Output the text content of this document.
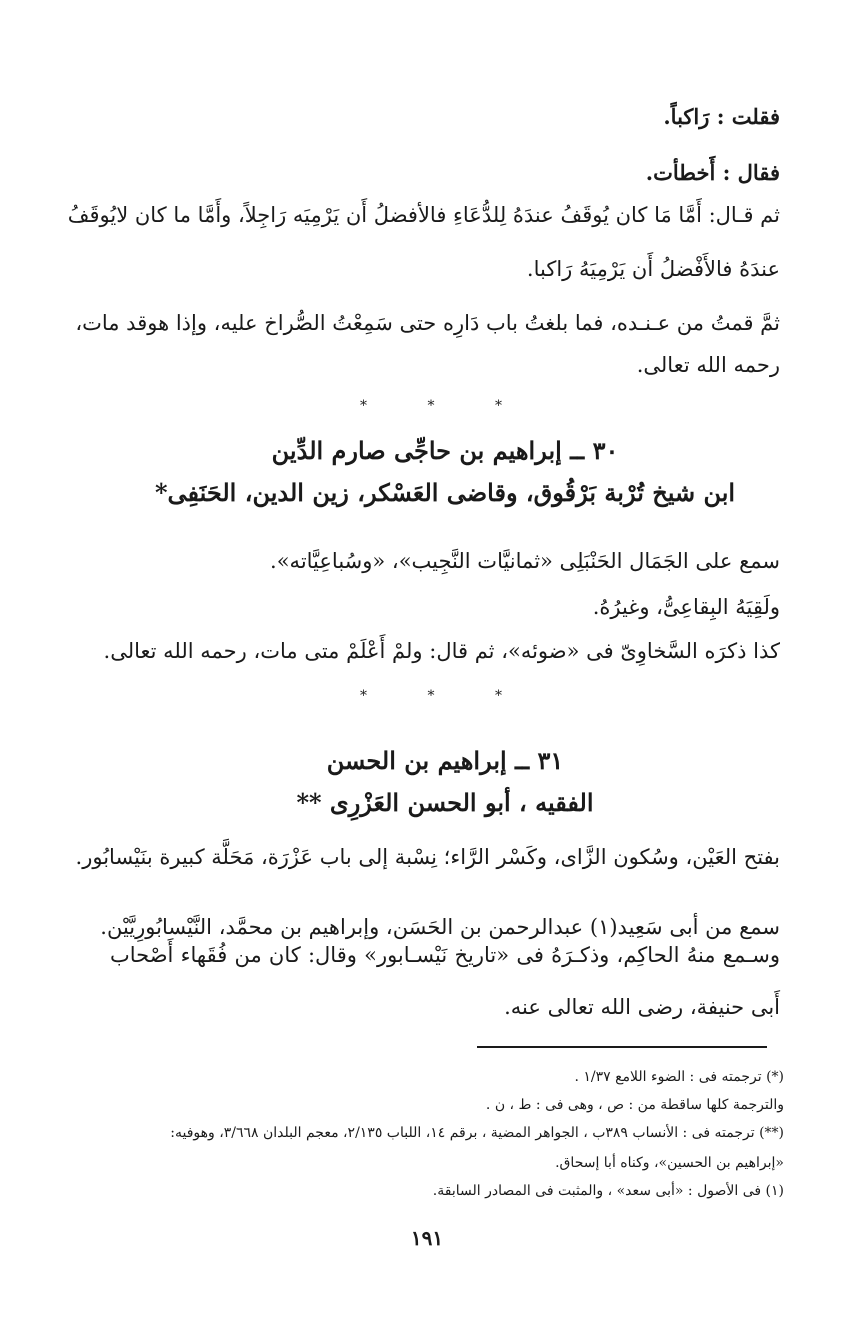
فقلت : رَاكباً.
فقال : أَخطأت.
ثم قـال: أَمَّا مَا كان يُوقَفُ عندَهُ لِلدُّعَاءِ فالأفضلُ أَن يَرْمِيَه رَاجِلاً، وأَمَّا ما كان لايُوقَفُ
عندَهُ فالأَفْضلُ أَن يَرْمِيَهُ رَاكبا.
ثمَّ قمتُ من عـنـده، فما بلغتُ باب دَارِه حتى سَمِعْتُ الصُّراخ عليه، وإذا هوقد مات،
رحمه الله تعالى.
* * *
٣٠ ــ إبراهيم بن حاجِّى صارم الدِّين
ابن شيخ تُرْبة بَرْقُوق، وقاضى العَسْكر، زين الدين، الحَنَفِى*
سمع على الجَمَال الحَنْبَلِى «ثمانيَّات النَّجِيب»، «وسُباعِيَّاته».
ولَقِيَهُ البِقاعِىُّ، وغيرُهُ.
كذا ذكرَه السَّخاوِىّ فى «ضوئه»، ثم قال: ولمْ أَعْلَمْ متى مات، رحمه الله تعالى.
* * *
٣١ ــ إبراهيم بن الحسن
الفقيه ، أبو الحسن العَزْرِى **
بفتح العَيْن، وسُكون الزَّاى، وكَسْر الرَّاء؛ نِسْبة إلى باب عَزْرَة، مَحَلَّة كبيرة بنَيْسابُور.
سمع من أبى سَعِيد(١) عبدالرحمن بن الحَسَن، وإبراهيم بن محمَّد، النَّيْسابُورِيَّيْن.
وسـمع منهُ الحاكِم، وذكـرَهُ فى «تاريخ نَيْسـابور» وقال: كان من فُقَهاء أَصْحاب
أَبى حنيفة، رضى الله تعالى عنه.
(*) ترجمته فى : الضوء اللامع ١/٣٧ .
والترجمة كلها ساقطة من : ص ، وهى فى : ط ، ن .
(**) ترجمته فى : الأنساب ٣٨٩ب ، الجواهر المضية ، برقم ١٤، اللباب ٢/١٣٥، معجم البلدان ٣/٦٦٨، وهوفيه:
«إبراهيم بن الحسين»، وكناه أبا إسحاق.
(١) فى الأصول : «أبى سعد» ، والمثبت فى المصادر السابقة.
١٩١
